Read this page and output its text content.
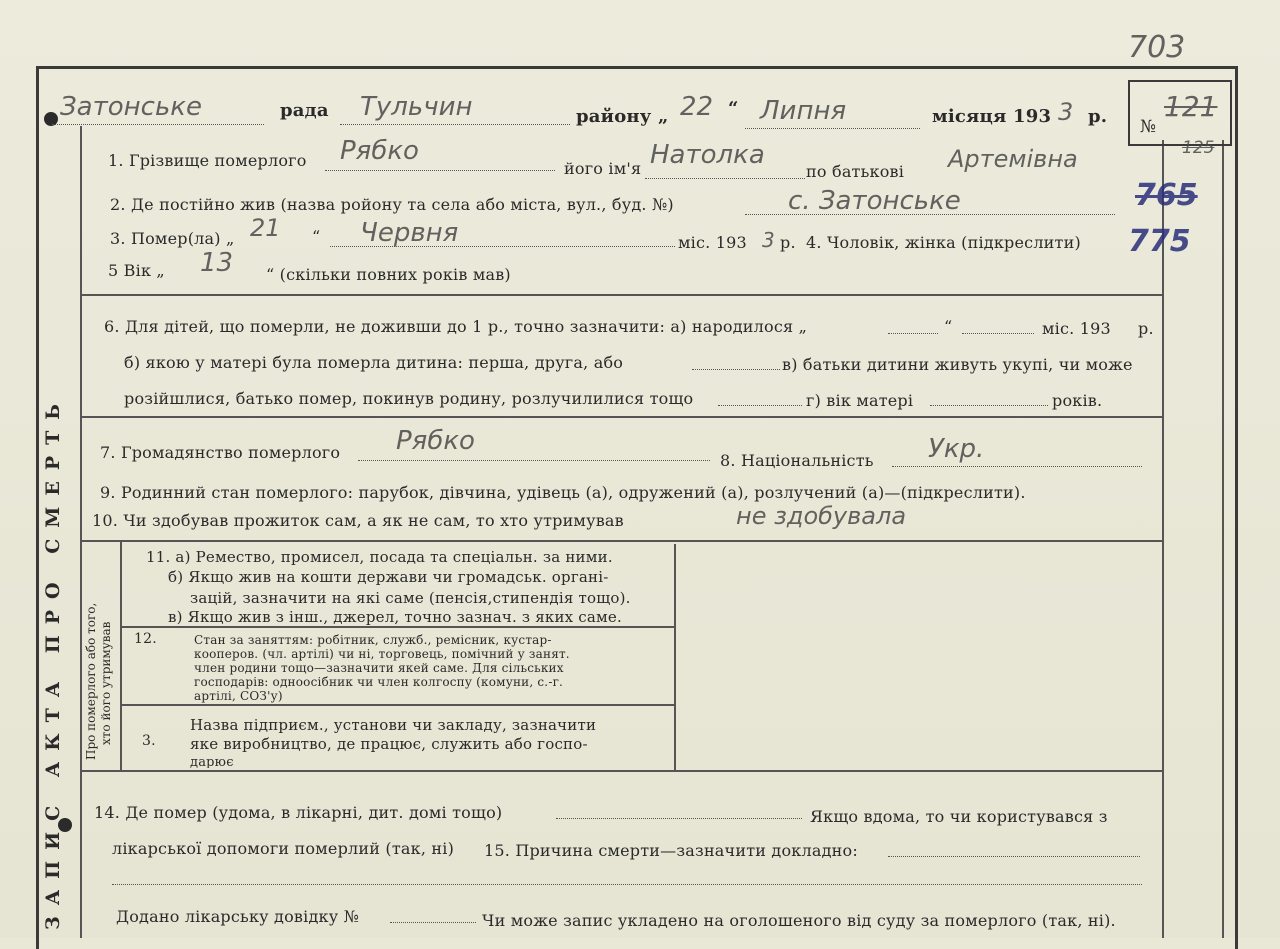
703
ЗАПИС АКТА ПРО СМЕРТЬ Про померлого або того, хто його утримував
Затонське	рада Тульчин	району „ 22 “ Липня	місяця 193 3 р. №
121
125
765
775
1. Грізвище померлого Рябко
його ім'я Натолка
по батькові Артемівна
2. Де постійно жив (назва ройону та села або міста, вул., буд. №)	с. Затонське
3. Помер(ла) „ 21 “ Червня	міс. 193 3 р. 4. Чоловік, жінка (підкреслити)
5 Вік „ 13 “ (скільки повних років мав)
6. Для дітей, що померли, не доживши до 1 р., точно зазначити: а) народилося „	“	міс. 193 р.
б) якою у матері була померла дитина: перша, друга, або	в) батьки дитини живуть укупі, чи може
розійшлися, батько помер, покинув родину, розлучилилися тощо	г) вік матері	років.
7. Громадянство померлого Рябко
8. Національність Укр.
9. Родинний стан померлого: парубок, дівчина, удівець (а), одружений (а), розлучений (а)—(підкреслити).
10. Чи здобував прожиток сам, а як не сам, то хто утримував	не здобувала
11. а) Ремество, промисел, посада та спеціальн. за ними.
б) Якщо жив на кошти держави чи громадськ. органі-
зацій, зазначити на які саме (пенсія,стипендія тощо).
в) Якщо жив з інш., джерел, точно зазнач. з яких саме.
12.	Стан за заняттям: робітник, служб., ремісник, кустар-
кооперов. (чл. артілі) чи ні, торговець, помічний у занят.
член родини тощо—зазначити якей саме. Для сільських
господарів: одноосібник чи член колгоспу (комуни, с.-г.
артілі, СОЗ'у)
3.
Назва підприєм., установи чи закладу, зазначити
яке виробництво, де працює, служить або госпо-
дарює
14. Де помер (удома, в лікарні, дит. домі тощо)	Якщо вдома, то чи користувався з
лікарської допомоги померлий (так, ні) 15. Причина смерти—зазначити докладно:
Додано лікарську довідку №	Чи може запис укладено на оголошеного від суду за померлого (так, ні).
